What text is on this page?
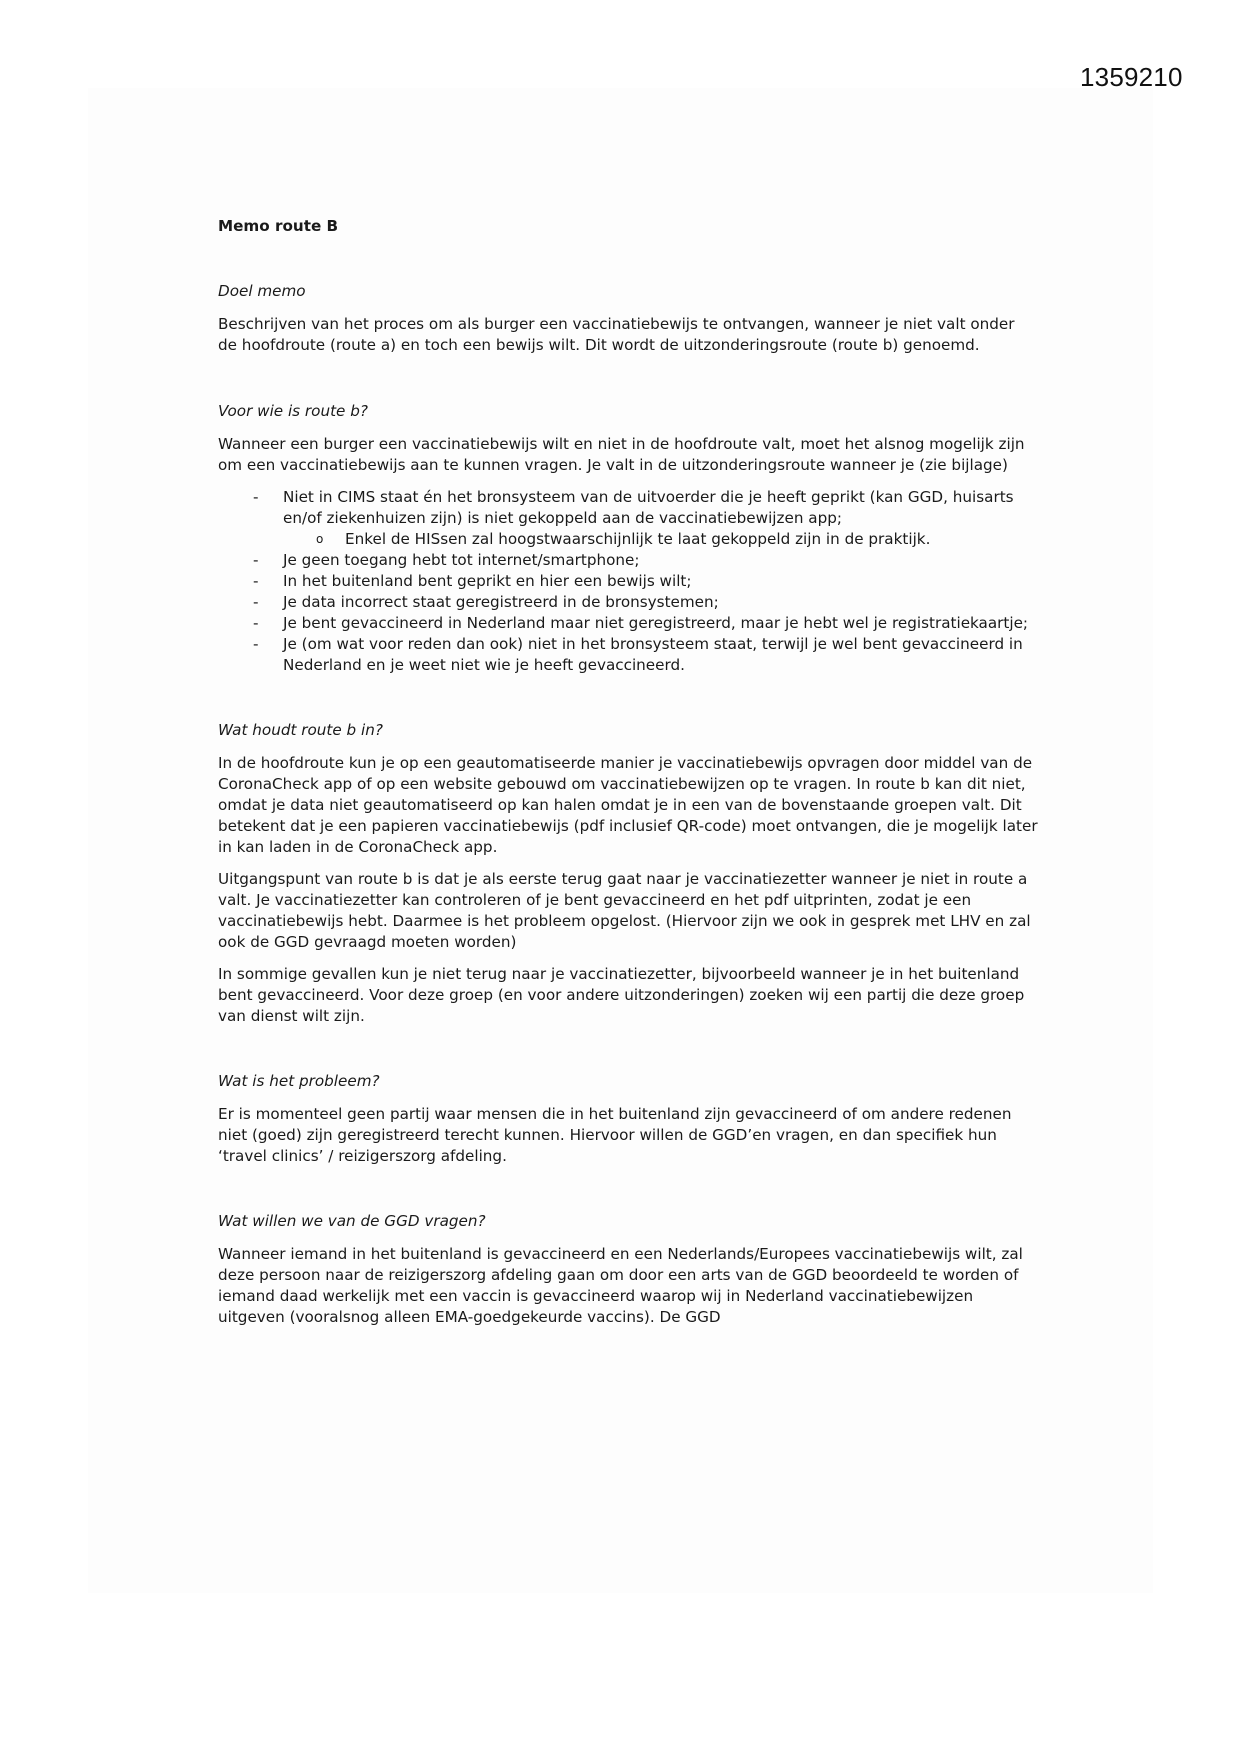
1359210
Memo route B
Doel memo

Beschrijven van het proces om als burger een vaccinatiebewijs te ontvangen, wanneer je niet valt onder de hoofdroute (route a) en toch een bewijs wilt. Dit wordt de uitzonderingsroute (route b) genoemd.

Voor wie is route b?

Wanneer een burger een vaccinatiebewijs wilt en niet in de hoofdroute valt, moet het alsnog mogelijk zijn om een vaccinatiebewijs aan te kunnen vragen. Je valt in de uitzonderingsroute wanneer je (zie bijlage)

- Niet in CIMS staat én het bronsysteem van de uitvoerder die je heeft geprikt (kan GGD, huisarts en/of ziekenhuizen zijn) is niet gekoppeld aan de vaccinatiebewijzen app;
o Enkel de HISsen zal hoogstwaarschijnlijk te laat gekoppeld zijn in de praktijk.
- Je geen toegang hebt tot internet/smartphone;
- In het buitenland bent geprikt en hier een bewijs wilt;
- Je data incorrect staat geregistreerd in de bronsystemen;
- Je bent gevaccineerd in Nederland maar niet geregistreerd, maar je hebt wel je registratiekaartje;
- Je (om wat voor reden dan ook) niet in het bronsysteem staat, terwijl je wel bent gevaccineerd in Nederland en je weet niet wie je heeft gevaccineerd.
Wat houdt route b in?

In de hoofdroute kun je op een geautomatiseerde manier je vaccinatiebewijs opvragen door middel van de CoronaCheck app of op een website gebouwd om vaccinatiebewijzen op te vragen. In route b kan dit niet, omdat je data niet geautomatiseerd op kan halen omdat je in een van de bovenstaande groepen valt. Dit betekent dat je een papieren vaccinatiebewijs (pdf inclusief QR-code) moet ontvangen, die je mogelijk later in kan laden in de CoronaCheck app.

Uitgangspunt van route b is dat je als eerste terug gaat naar je vaccinatiezetter wanneer je niet in route a valt. Je vaccinatiezetter kan controleren of je bent gevaccineerd en het pdf uitprinten, zodat je een vaccinatiebewijs hebt. Daarmee is het probleem opgelost. (Hiervoor zijn we ook in gesprek met LHV en zal ook de GGD gevraagd moeten worden)

In sommige gevallen kun je niet terug naar je vaccinatiezetter, bijvoorbeeld wanneer je in het buitenland bent gevaccineerd. Voor deze groep (en voor andere uitzonderingen) zoeken wij een partij die deze groep van dienst wilt zijn.

Wat is het probleem?

Er is momenteel geen partij waar mensen die in het buitenland zijn gevaccineerd of om andere redenen niet (goed) zijn geregistreerd terecht kunnen. Hiervoor willen de GGD’en vragen, en dan specifiek hun ‘travel clinics’ / reizigerszorg afdeling.

Wat willen we van de GGD vragen?

Wanneer iemand in het buitenland is gevaccineerd en een Nederlands/Europees vaccinatiebewijs wilt, zal deze persoon naar de reizigerszorg afdeling gaan om door een arts van de GGD beoordeeld te worden of iemand daad werkelijk met een vaccin is gevaccineerd waarop wij in Nederland vaccinatiebewijzen uitgeven (vooralsnog alleen EMA-goedgekeurde vaccins). De GGD
